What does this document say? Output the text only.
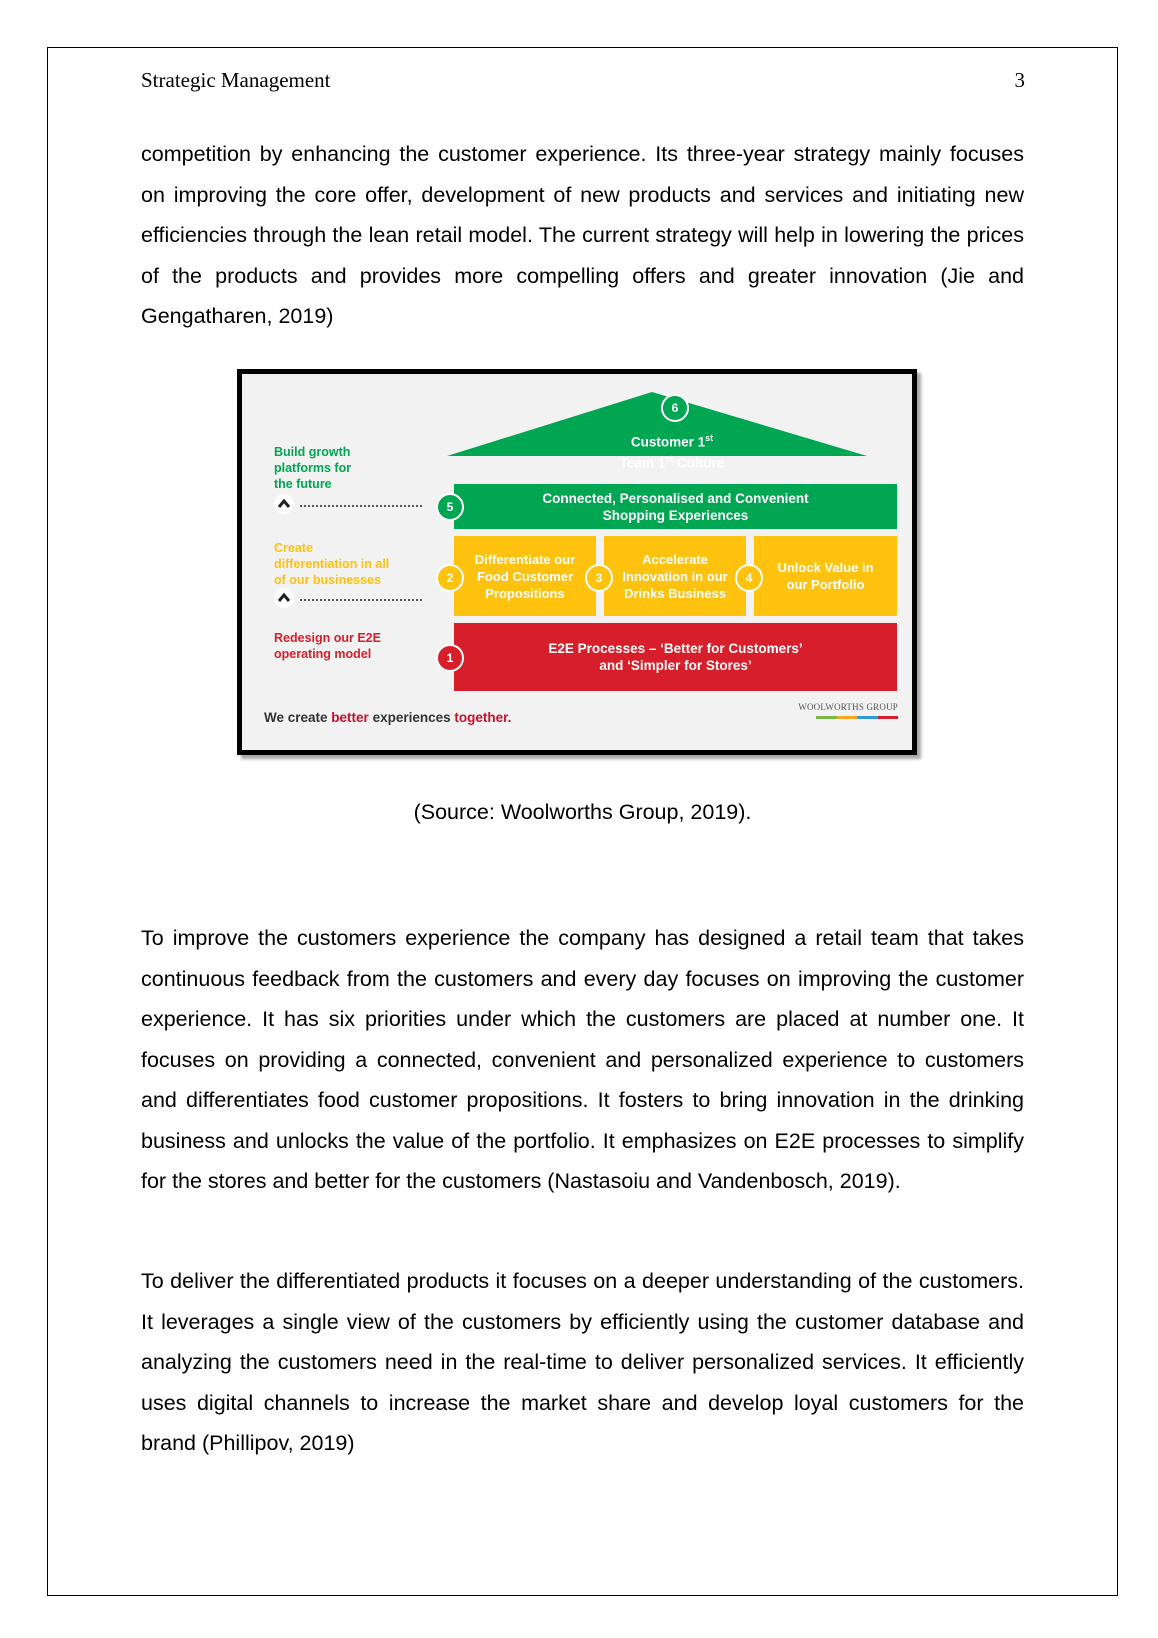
Strategic Management	3

competition by enhancing the customer experience. Its three-year strategy mainly focuses on improving the core offer, development of new products and services and initiating new efficiencies through the lean retail model. The current strategy will help in lowering the prices of the products and provides more compelling offers and greater innovation (Jie and Gengatharen, 2019)

Customer 1st
Team 1st Culture
6
Connected, Personalised and Convenient
Shopping Experiences
5
Differentiate our
Food Customer
Propositions
Accelerate
Innovation in our
Drinks Business
Unlock Value in
our Portfolio
2	3	4
E2E Processes – ‘Better for Customers’
and ‘Simpler for Stores’
1
Build growth
platforms for
the future
Create
differentiation in all
of our businesses
Redesign our E2E
operating model
We create better experiences together.
WOOLWORTHS GROUP
(Source: Woolworths Group, 2019).

To improve the customers experience the company has designed a retail team that takes continuous feedback from the customers and every day focuses on improving the customer experience. It has six priorities under which the customers are placed at number one. It focuses on providing a connected, convenient and personalized experience to customers and differentiates food customer propositions. It fosters to bring innovation in the drinking business and unlocks the value of the portfolio. It emphasizes on E2E processes to simplify for the stores and better for the customers (Nastasoiu and Vandenbosch, 2019).

To deliver the differentiated products it focuses on a deeper understanding of the customers. It leverages a single view of the customers by efficiently using the customer database and analyzing the customers need in the real-time to deliver personalized services. It efficiently uses digital channels to increase the market share and develop loyal customers for the brand (Phillipov, 2019)
